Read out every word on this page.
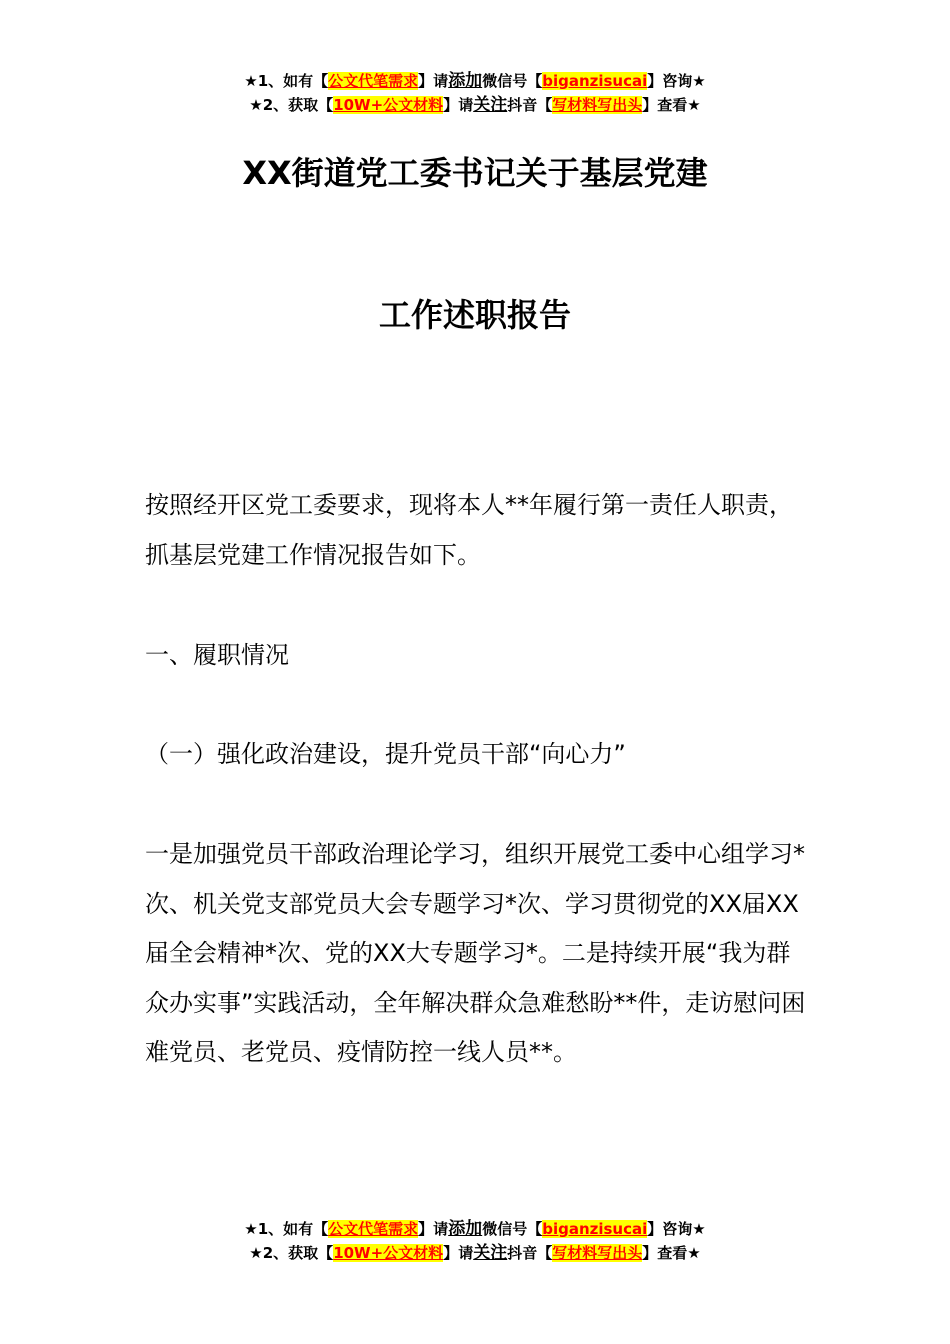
★1、如有【公文代笔需求】请添加微信号【biganzisucai】咨询★
★2、获取【10W+公文材料】请关注抖音【写材料写出头】查看★
XX街道党工委书记关于基层党建
工作述职报告

按照经开区党工委要求，现将本人**年履行第一责任人职责，抓基层党建工作情况报告如下。

一、履职情况

（一）强化政治建设，提升党员干部“向心力”

一是加强党员干部政治理论学习，组织开展党工委中心组学习*次、机关党支部党员大会专题学习*次、学习贯彻党的XX届XX届全会精神*次、党的XX大专题学习*。二是持续开展“我为群众办实事”实践活动，全年解决群众急难愁盼**件，走访慰问困难党员、老党员、疫情防控一线人员**。

★1、如有【公文代笔需求】请添加微信号【biganzisucai】咨询★
★2、获取【10W+公文材料】请关注抖音【写材料写出头】查看★
